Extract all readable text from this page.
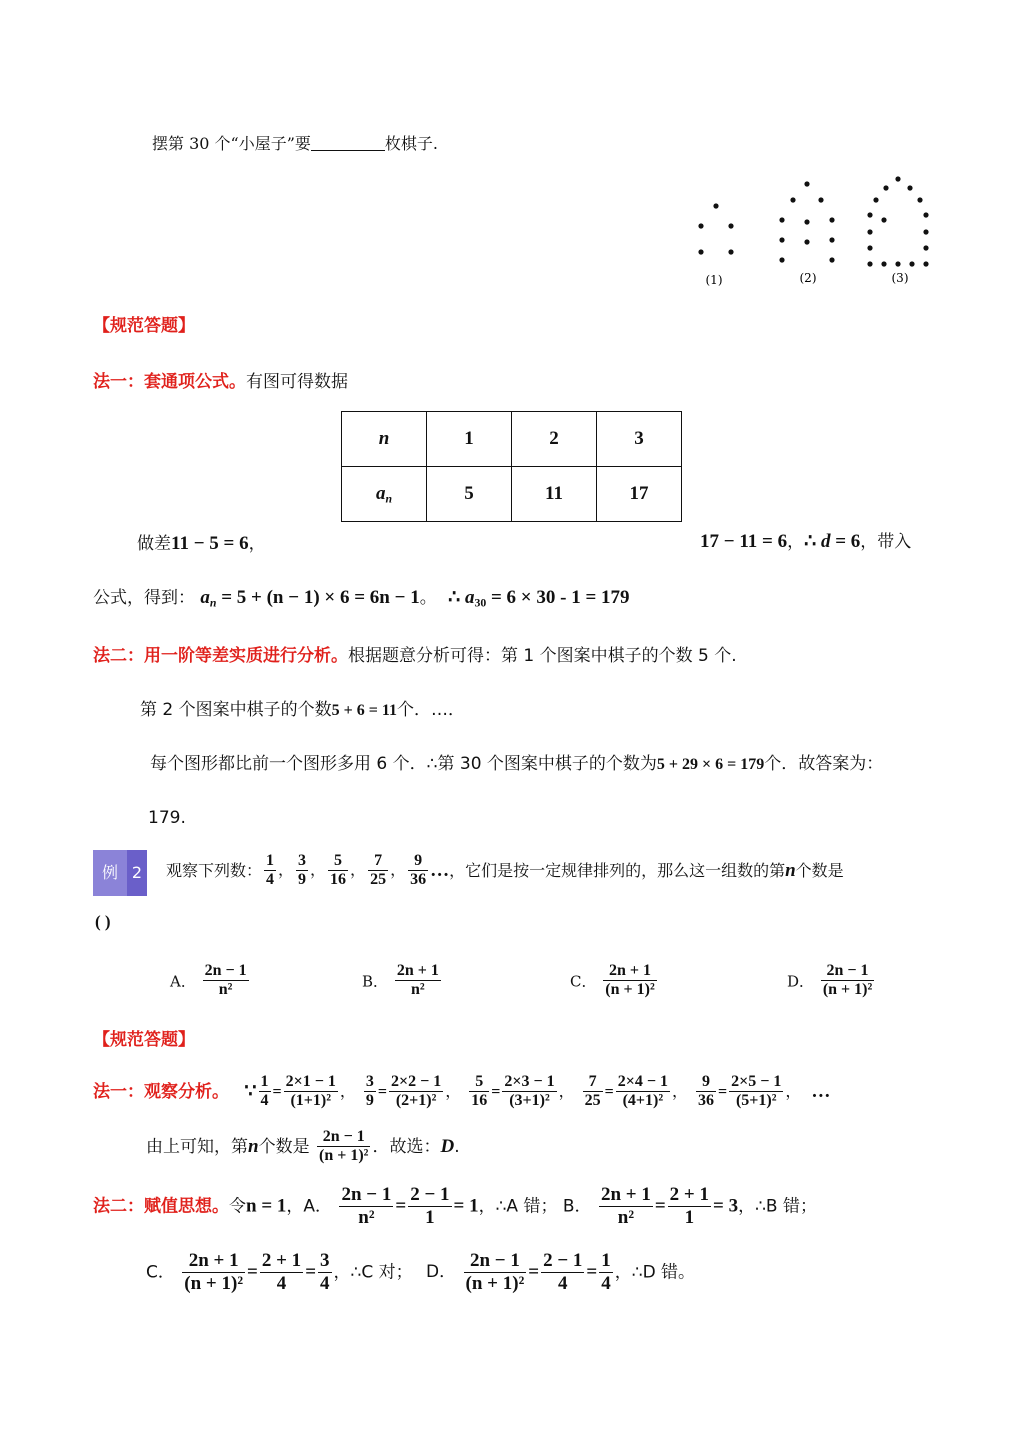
摆第 30 个“小屋子”要	枚棋子.
(1)	(2)	(3)
【规范答题】
法一：套通项公式。有图可得数据
n	1	2	3
$a_n$	5	11	17
做差11 − 5 = 6，	17 − 11 = 6，∴ d = 6，带入
公式，得到： $a_n = 5 + (n - 1) \times 6 = 6n - 1$。 ∴ $a_{30} = 6 \times 30 - 1 = 179$
法二：用一阶等差实质进行分析。根据题意分析可得：第 1 个图案中棋子的个数 5 个.
第 2 个图案中棋子的个数5 + 6 = 11个．…．
每个图形都比前一个图形多用 6 个．∴第 30 个图案中棋子的个数为5 + 29 × 6 = 179个．故答案为：
179.
例 2	观察下列数： $\frac{1}{4}$ ， $\frac{3}{9}$ ， $\frac{5}{16}$ ， $\frac{7}{25}$ ， $\frac{9}{36}$ …，它们是按一定规律排列的，那么这一组数的第n个数是
( )
A． $\frac{2n - 1}{\text{n²}}$	B． $\frac{2n + 1}{\text{n²}}$	C． $\frac{2n + 1}{\text{(n + 1)²}}$	D． $\frac{2n - 1}{\text{(n + 1)²}}$
【规范答题】
法一：观察分析。 ∵ $\frac{1}{4} = \frac{2\times 1 - 1}{\text{(1+1)²}}$ ， $\frac{3}{9} = \frac{2\times 2 - 1}{\text{(2+1)²}}$ ， $\frac{5}{16} = \frac{2\times 3 - 1}{\text{(3+1)²}}$ ， $\frac{7}{25} = \frac{2\times 4 - 1}{\text{(4+1)²}}$ ， $\frac{9}{36} = \frac{2\times 5 - 1}{\text{(5+1)²}}$ ， …
由上可知，第n个数是 $\frac{2n - 1}{\text{(n + 1)²}}$ ．故选：D.
法二：赋值思想。令n = 1，A． $\frac{2n - 1}{\text{n²}} = \frac{2 - 1}{1} = 1$，∴A 错； B． $\frac{2n + 1}{\text{n²}} = \frac{2 + 1}{1} = 3$，∴B 错；
C． $\frac{2n + 1}{\text{(n + 1)²}} = \frac{2 + 1}{4} = \frac{3}{4}$ ，∴C 对； D． $\frac{2n - 1}{\text{(n + 1)²}} = \frac{2 - 1}{4} = \frac{1}{4}$ ，∴D 错。
